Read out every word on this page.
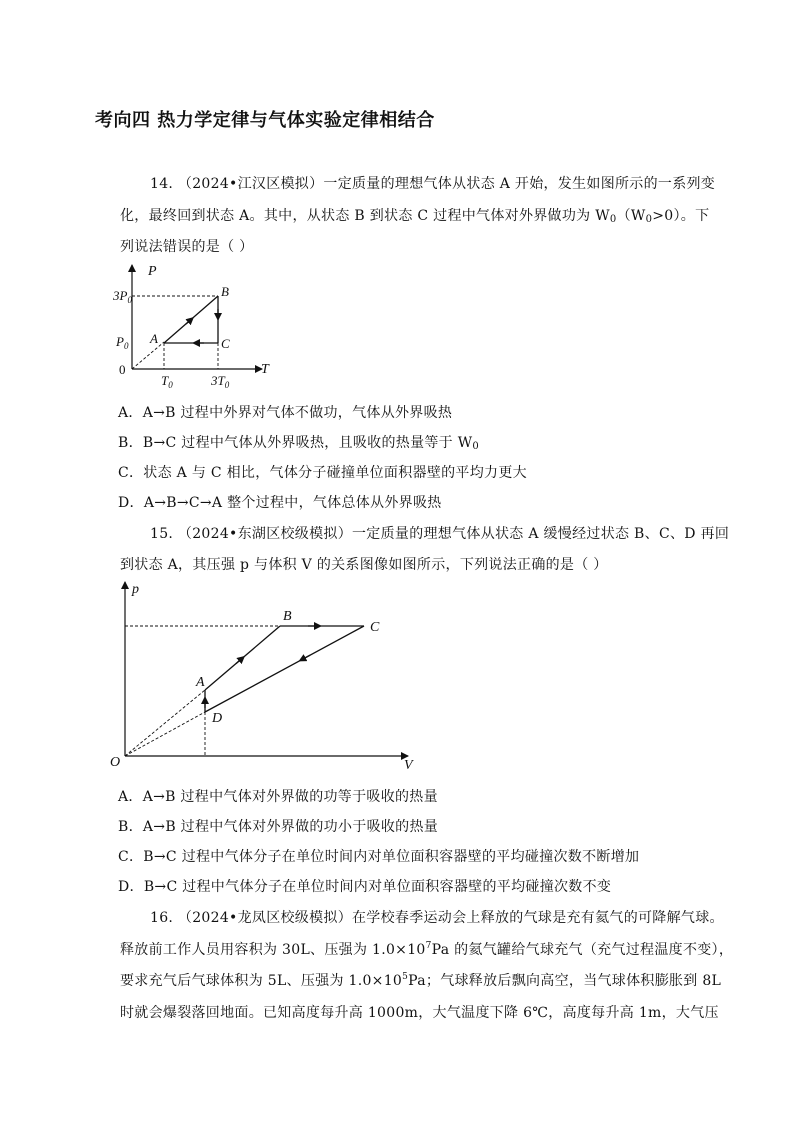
考向四 热力学定律与气体实验定律相结合
14. （2024•江汉区模拟）一定质量的理想气体从状态 A 开始，发生如图所示的一系列变
化，最终回到状态 A。其中，从状态 B 到状态 C 过程中气体对外界做功为 $W_0(W_0>0)$。下
列说法错误的是（ ）
P
T
0
$3P_0$
$P_0$
$T_0$	$3T_0$
A
B
C
A．A→B 过程中外界对气体不做功，气体从外界吸热
B．B→C 过程中气体从外界吸热，且吸收的热量等于 $W_0$
C．状态 A 与 C 相比，气体分子碰撞单位面积器壁的平均力更大
D．A→B→C→A 整个过程中，气体总体从外界吸热
15. （2024•东湖区校级模拟）一定质量的理想气体从状态 A 缓慢经过状态 B、C、D 再回
到状态 A，其压强 p 与体积 V 的关系图像如图所示，下列说法正确的是（ ）
p
V
O
A
B
C
D
A．A→B 过程中气体对外界做的功等于吸收的热量
B．A→B 过程中气体对外界做的功小于吸收的热量
C．B→C 过程中气体分子在单位时间内对单位面积容器壁的平均碰撞次数不断增加
D．B→C 过程中气体分子在单位时间内对单位面积容器壁的平均碰撞次数不变
16. （2024•龙凤区校级模拟）在学校春季运动会上释放的气球是充有氦气的可降解气球。
释放前工作人员用容积为 30L、压强为 $1.0\times 10^7Pa$ 的氦气罐给气球充气（充气过程温度不变），
要求充气后气球体积为 5L、压强为 $1.0\times 10^5Pa$；气球释放后飘向高空，当气球体积膨胀到 8L
时就会爆裂落回地面。已知高度每升高 1000m，大气温度下降 6℃，高度每升高 1m，大气压
